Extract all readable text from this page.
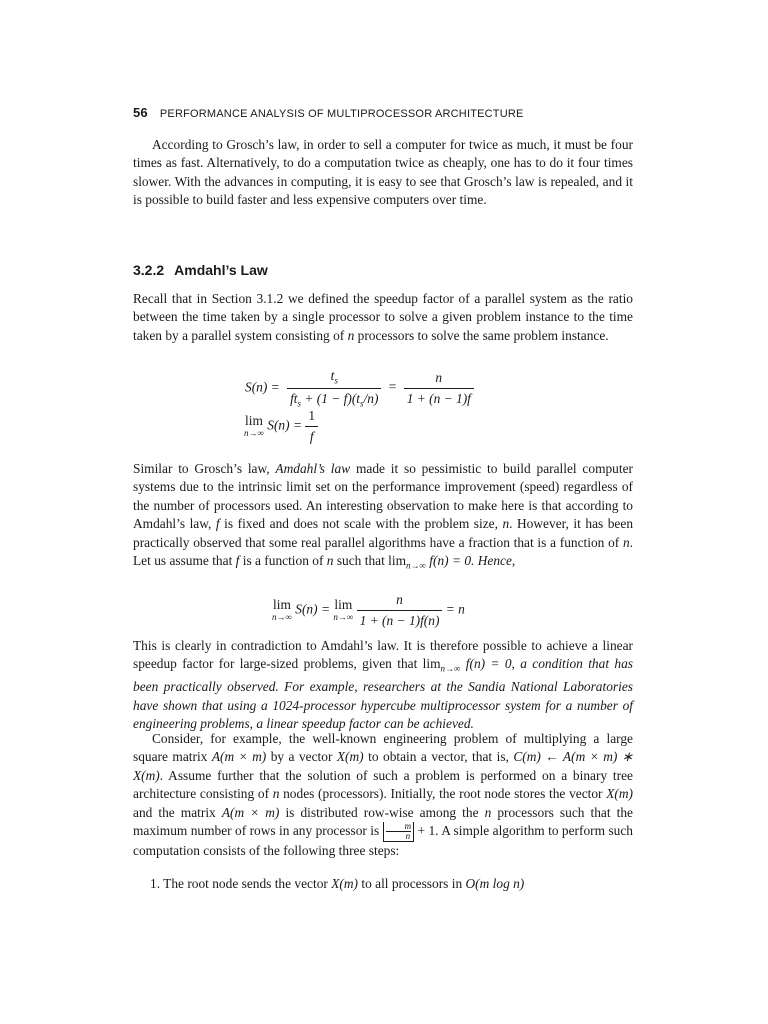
56 PERFORMANCE ANALYSIS OF MULTIPROCESSOR ARCHITECTURE
According to Grosch’s law, in order to sell a computer for twice as much, it must be four times as fast. Alternatively, to do a computation twice as cheaply, one has to do it four times slower. With the advances in computing, it is easy to see that Grosch’s law is repealed, and it is possible to build faster and less expensive computers over time.
3.2.2 Amdahl’s Law
Recall that in Section 3.1.2 we defined the speedup factor of a parallel system as the ratio between the time taken by a single processor to solve a given problem instance to the time taken by a parallel system consisting of n processors to solve the same problem instance.
$S(n) = \frac{t_s}{ft_s + (1 - f)(t_s/n)} = \frac{n}{1 + (n - 1)f}$
lim
n→∞ $S(n) = \frac{1}{f}$
Similar to Grosch’s law, Amdahl’s law made it so pessimistic to build parallel computer systems due to the intrinsic limit set on the performance improvement (speed) regardless of the number of processors used. An interesting observation to make here is that according to Amdahl’s law, f is fixed and does not scale with the problem size, n. However, it has been practically observed that some real parallel algorithms have a fraction that is a function of n. Let us assume that f is a function of n such that $\lim_{n\to\infty} f(n) = 0$. Hence,
lim
n→∞ S(n) = lim
n→∞
$\frac{n}{1 + (n - 1)f(n)} = n$
This is clearly in contradiction to Amdahl’s law. It is therefore possible to achieve a linear speedup factor for large-sized problems, given that $\lim_{n\to\infty} f(n) = 0$, a condition that has been practically observed. For example, researchers at the Sandia National Laboratories have shown that using a 1024-processor hypercube multiprocessor system for a number of engineering problems, a linear speedup factor can be achieved.
Consider, for example, the well-known engineering problem of multiplying a large square matrix A(m × m) by a vector X(m) to obtain a vector, that is, C(m) ← A(m × m) ∗ X(m). Assume further that the solution of such a problem is performed on a binary tree architecture consisting of n nodes (processors). Initially, the root node stores the vector X(m) and the matrix A(m × m) is distributed row-wise among the n processors such that the maximum number of rows in any processor is $\frac{m}{n} + 1$. A simple algorithm to perform such computation consists of the following three steps:
1. The root node sends the vector X(m) to all processors in O(m log n)
